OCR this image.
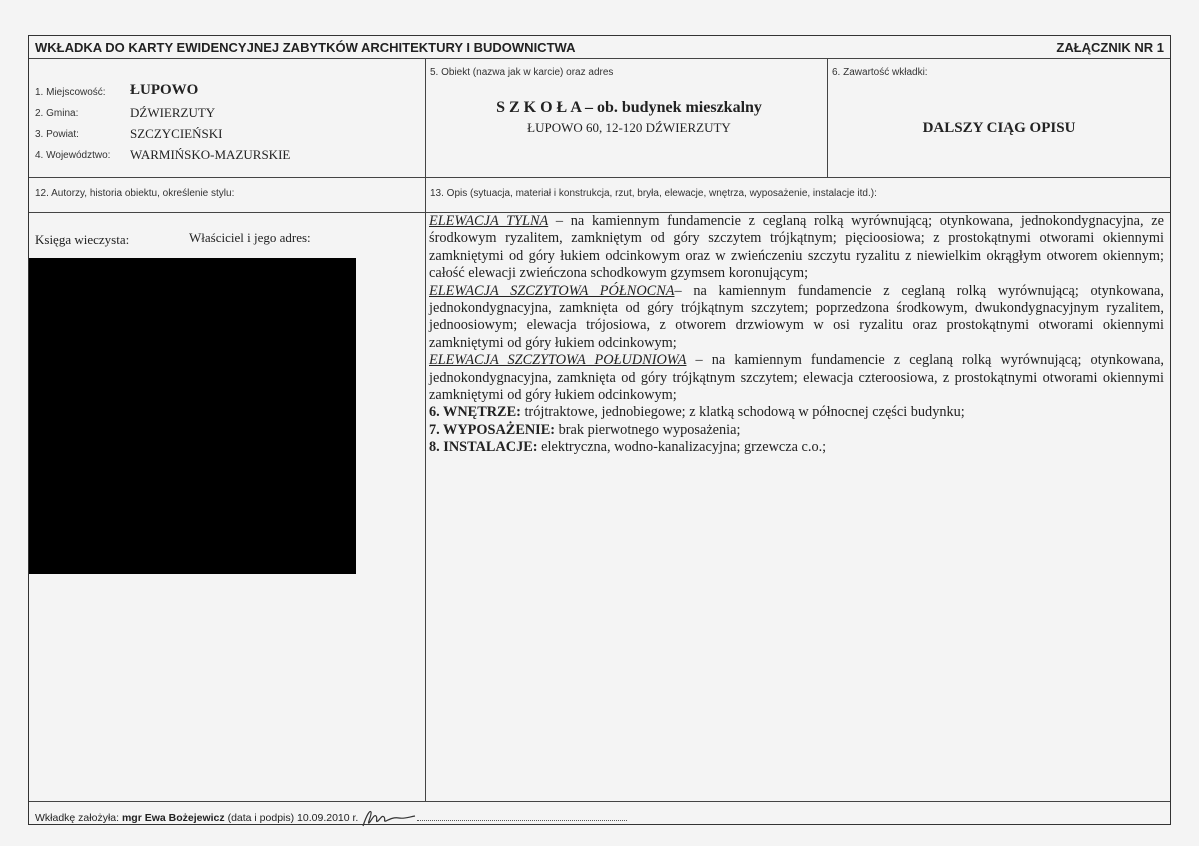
WKŁADKA DO KARTY EWIDENCYJNEJ ZABYTKÓW ARCHITEKTURY I BUDOWNICTWA	ZAŁĄCZNIK NR 1
1. Miejscowość: ŁUPOWO
2. Gmina:	DŹWIERZUTY
3. Powiat:	SZCZYCIEŃSKI
4. Województwo: WARMIŃSKO-MAZURSKIE
5. Obiekt (nazwa jak w karcie) oraz adres
S Z K O Ł A – ob. budynek mieszkalny
ŁUPOWO 60, 12-120 DŹWIERZUTY
6. Zawartość wkładki:
DALSZY CIĄG OPISU
12. Autorzy, historia obiektu, określenie stylu:	13. Opis (sytuacja, materiał i konstrukcja, rzut, bryła, elewacje, wnętrza, wyposażenie, instalacje itd.):
Księga wieczysta:	Właściciel i jego adres:

ELEWACJA TYLNA – na kamiennym fundamencie z ceglaną rolką wyrównującą; otynkowana, jednokondygnacyjna, ze środkowym ryzalitem, zamkniętym od góry szczytem trójkątnym; pięcioosiowa; z prostokątnymi otworami okiennymi zamkniętymi od góry łukiem odcinkowym oraz w zwieńczeniu szczytu ryzalitu z niewielkim okrągłym otworem okiennym; całość elewacji zwieńczona schodkowym gzymsem koronującym;

ELEWACJA SZCZYTOWA PÓŁNOCNA– na kamiennym fundamencie z ceglaną rolką wyrównującą; otynkowana, jednokondygnacyjna, zamknięta od góry trójkątnym szczytem; poprzedzona środkowym, dwukondygnacyjnym ryzalitem, jednoosiowym; elewacja trójosiowa, z otworem drzwiowym w osi ryzalitu oraz prostokątnymi otworami okiennymi zamkniętymi od góry łukiem odcinkowym;

ELEWACJA SZCZYTOWA POŁUDNIOWA – na kamiennym fundamencie z ceglaną rolką wyrównującą; otynkowana, jednokondygnacyjna, zamknięta od góry trójkątnym szczytem; elewacja czteroosiowa, z prostokątnymi otworami okiennymi zamkniętymi od góry łukiem odcinkowym;

6. WNĘTRZE: trójtraktowe, jednobiegowe; z klatką schodową w północnej części budynku;

7. WYPOSAŻENIE: brak pierwotnego wyposażenia;

8. INSTALACJE: elektryczna, wodno-kanalizacyjna; grzewcza c.o.;

Wkładkę założyła: mgr Ewa Bożejewicz (data i podpis) 10.09.2010 r.
